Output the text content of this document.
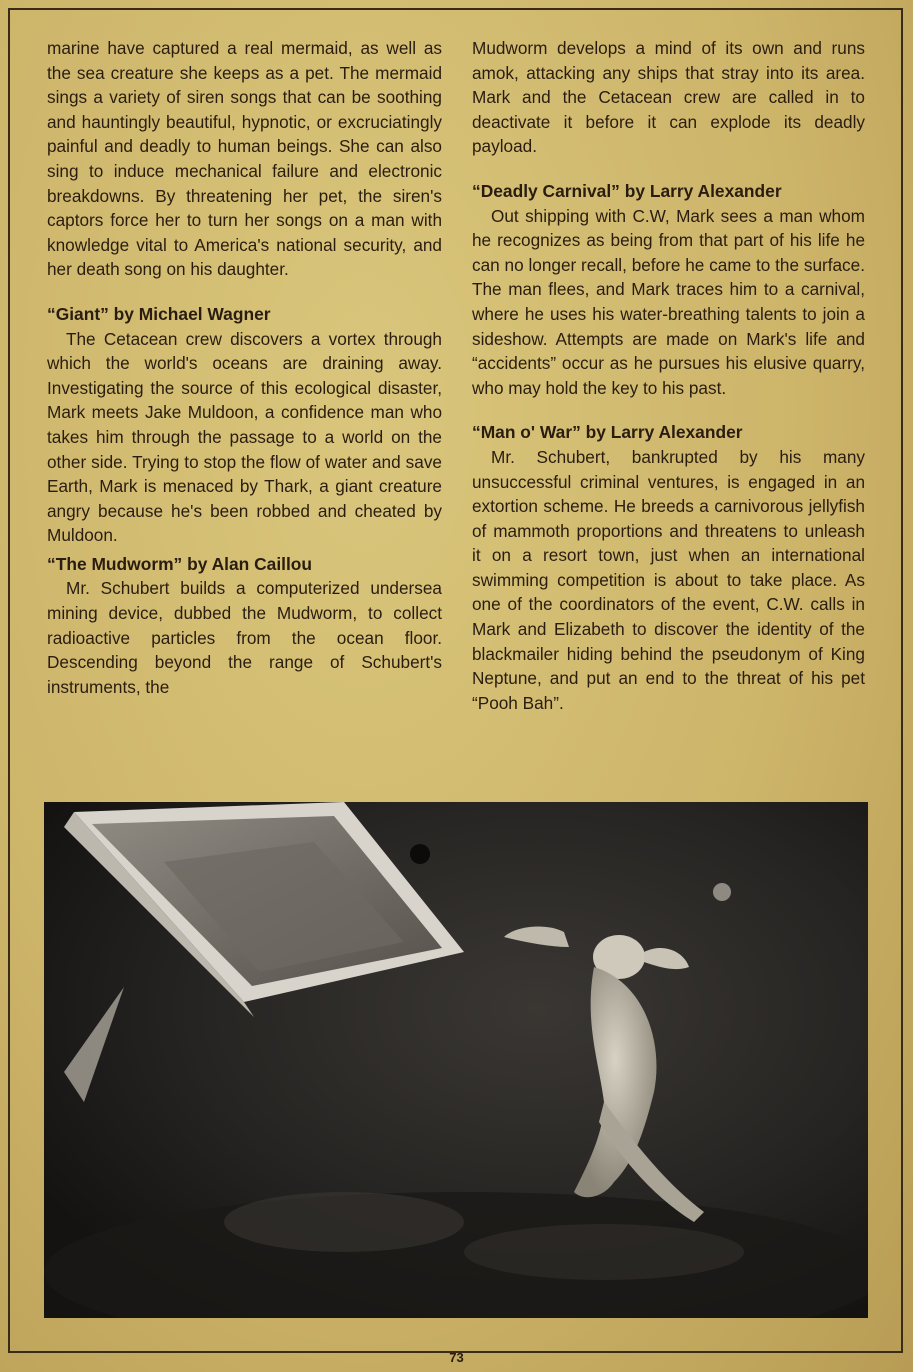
marine have captured a real mermaid, as well as the sea creature she keeps as a pet. The mermaid sings a variety of siren songs that can be soothing and hauntingly beautiful, hypnotic, or excruciatingly painful and deadly to human beings. She can also sing to induce mechanical failure and electronic breakdowns. By threatening her pet, the siren's captors force her to turn her songs on a man with knowledge vital to America's national security, and her death song on his daughter.

“Giant” by Michael Wagner

The Cetacean crew discovers a vortex through which the world's oceans are draining away. Investigating the source of this ecological disaster, Mark meets Jake Muldoon, a confidence man who takes him through the passage to a world on the other side. Trying to stop the flow of water and save Earth, Mark is menaced by Thark, a giant creature angry because he's been robbed and cheated by Muldoon.

“The Mudworm” by Alan Caillou

Mr. Schubert builds a computerized undersea mining device, dubbed the Mudworm, to collect radioactive particles from the ocean floor. Descending beyond the range of Schubert's instruments, the

Mudworm develops a mind of its own and runs amok, attacking any ships that stray into its area. Mark and the Cetacean crew are called in to deactivate it before it can explode its deadly payload.

“Deadly Carnival” by Larry Alexander

Out shipping with C.W, Mark sees a man whom he recognizes as being from that part of his life he can no longer recall, before he came to the surface. The man flees, and Mark traces him to a carnival, where he uses his water-breathing talents to join a sideshow. Attempts are made on Mark's life and “accidents” occur as he pursues his elusive quarry, who may hold the key to his past.

“Man o' War” by Larry Alexander

Mr. Schubert, bankrupted by his many unsuccessful criminal ventures, is engaged in an extortion scheme. He breeds a carnivorous jellyfish of mammoth proportions and threatens to unleash it on a resort town, just when an international swimming competition is about to take place. As one of the coordinators of the event, C.W. calls in Mark and Elizabeth to discover the identity of the blackmailer hiding behind the pseudonym of King Neptune, and put an end to the threat of his pet “Pooh Bah”.

73
